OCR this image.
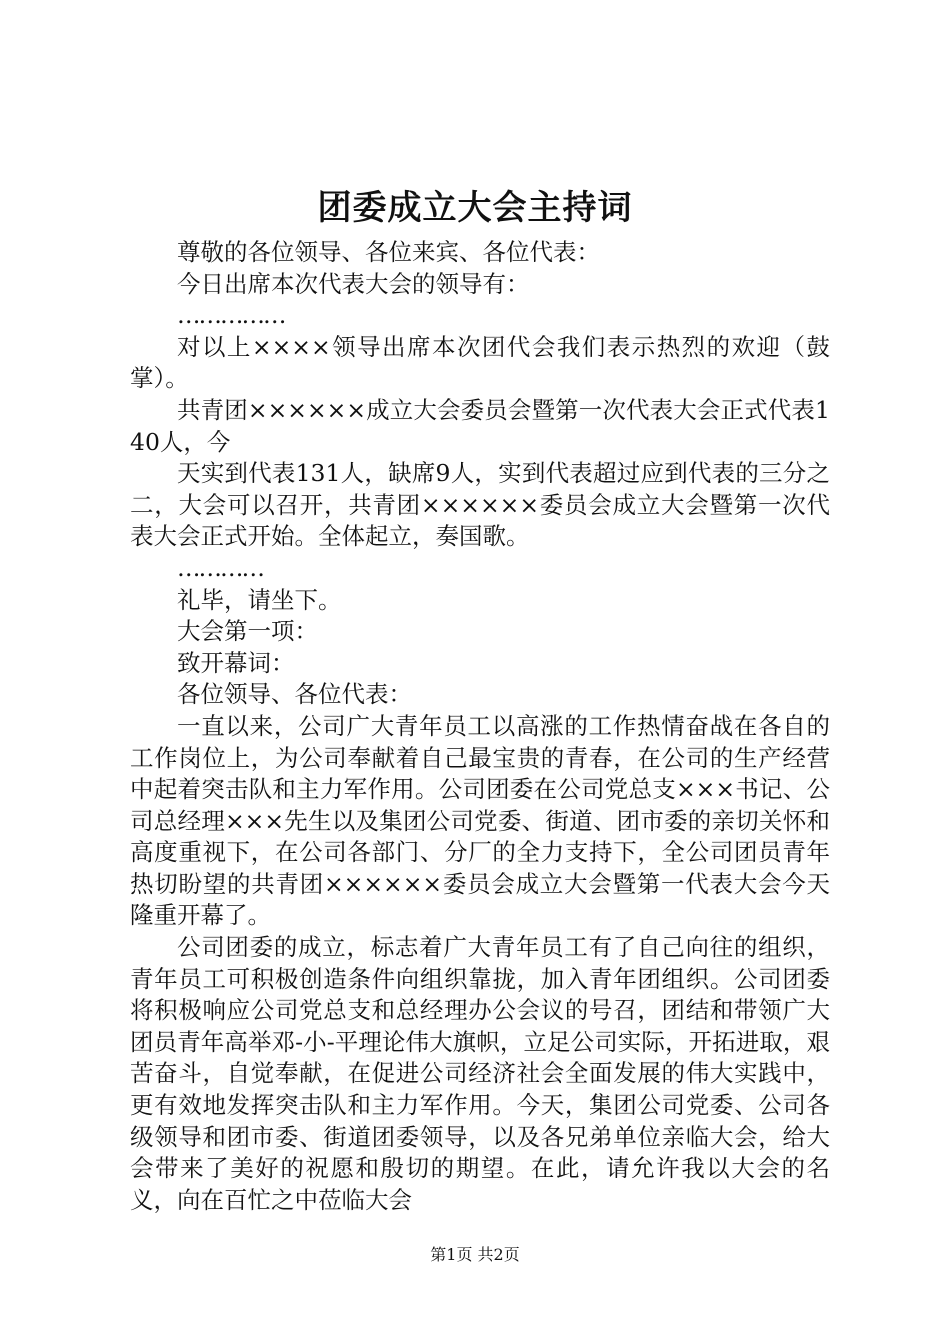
团委成立大会主持词

尊敬的各位领导、各位来宾、各位代表：

今日出席本次代表大会的领导有：

……………

对以上××××领导出席本次团代会我们表示热烈的欢迎（鼓掌）。

共青团××××××成立大会委员会暨第一次代表大会正式代表140人，今

天实到代表131人，缺席9人，实到代表超过应到代表的三分之二，大会可以召开，共青团××××××委员会成立大会暨第一次代表大会正式开始。全体起立，奏国歌。

…………

礼毕，请坐下。

大会第一项：

致开幕词：

各位领导、各位代表：

一直以来，公司广大青年员工以高涨的工作热情奋战在各自的工作岗位上，为公司奉献着自己最宝贵的青春，在公司的生产经营中起着突击队和主力军作用。公司团委在公司党总支×××书记、公司总经理×××先生以及集团公司党委、街道、团市委的亲切关怀和高度重视下，在公司各部门、分厂的全力支持下，全公司团员青年热切盼望的共青团××××××委员会成立大会暨第一代表大会今天隆重开幕了。

公司团委的成立，标志着广大青年员工有了自己向往的组织，青年员工可积极创造条件向组织靠拢，加入青年团组织。公司团委将积极响应公司党总支和总经理办公会议的号召，团结和带领广大团员青年高举邓-小-平理论伟大旗帜，立足公司实际，开拓进取，艰苦奋斗，自觉奉献，在促进公司经济社会全面发展的伟大实践中，更有效地发挥突击队和主力军作用。今天，集团公司党委、公司各级领导和团市委、街道团委领导，以及各兄弟单位亲临大会，给大会带来了美好的祝愿和殷切的期望。在此，请允许我以大会的名义，向在百忙之中莅临大会

第1页 共2页
